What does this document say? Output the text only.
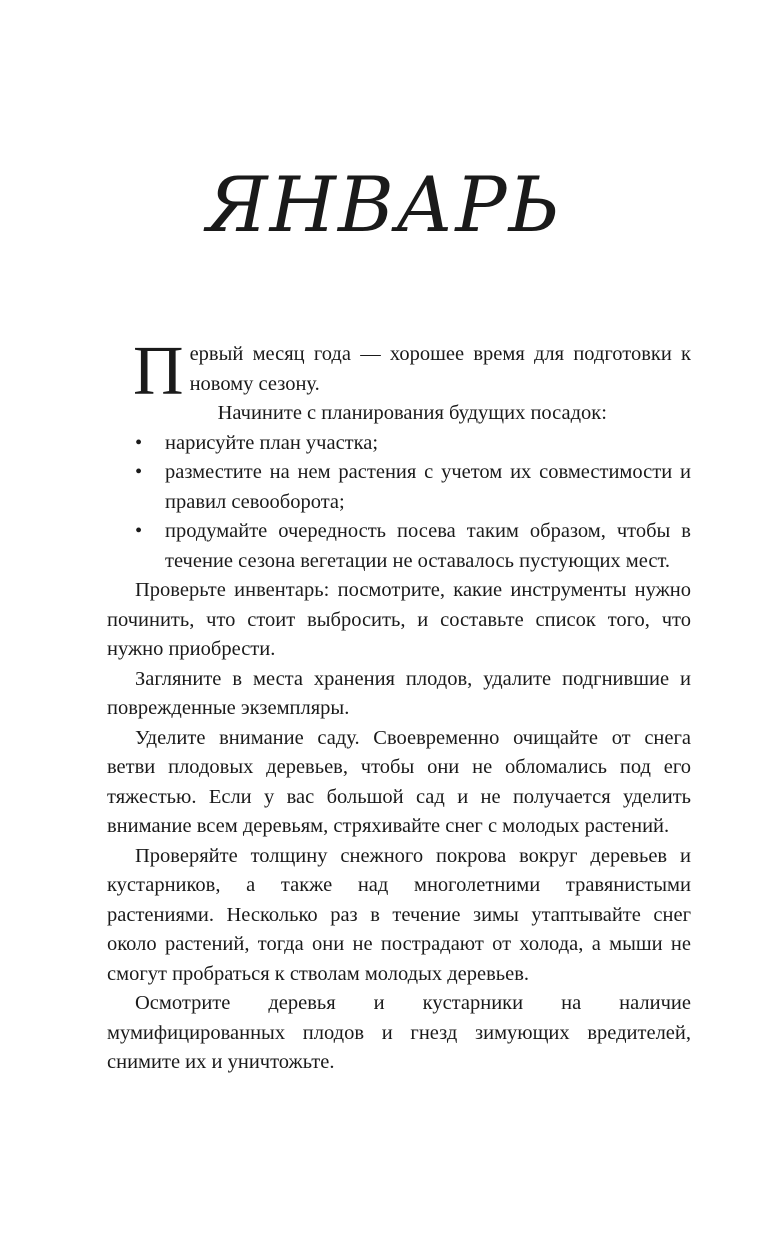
ЯНВАРЬ

Первый месяц года — хорошее время для подготовки к новому сезону.

Начините с планирования будущих посадок:

• нарисуйте план участка;
• разместите на нем растения с учетом их совместимости и правил севооборота;
• продумайте очередность посева таким образом, чтобы в течение сезона вегетации не оставалось пустующих мест.

Проверьте инвентарь: посмотрите, какие инструменты нужно починить, что стоит выбросить, и составьте список того, что нужно приобрести.

Загляните в места хранения плодов, удалите подгнившие и поврежденные экземпляры.

Уделите внимание саду. Своевременно очищайте от снега ветви плодовых деревьев, чтобы они не обломались под его тяжестью. Если у вас большой сад и не получается уделить внимание всем деревьям, стряхивайте снег с молодых растений.

Проверяйте толщину снежного покрова вокруг деревьев и кустарников, а также над многолетними травянистыми растениями. Несколько раз в течение зимы утаптывайте снег около растений, тогда они не пострадают от холода, а мыши не смогут пробраться к стволам молодых деревьев.

Осмотрите деревья и кустарники на наличие мумифицированных плодов и гнезд зимующих вредителей, снимите их и уничтожьте.
